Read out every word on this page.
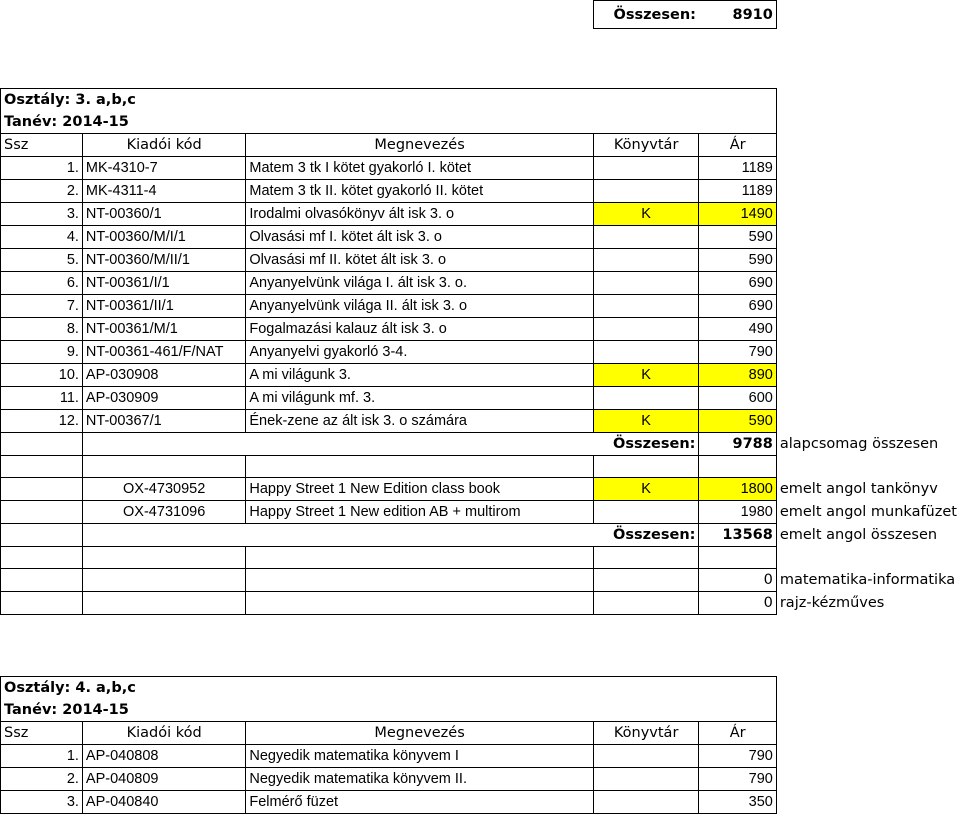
			Összesen:	8910	

Osztály: 3. a,b,c					
Tanév: 2014-15					
Ssz	Kiadói kód	Megnevezés	Könyvtár	Ár	
1.	MK-4310-7	Matem 3 tk I kötet gyakorló I. kötet		1189	
2.	MK-4311-4	Matem 3 tk II. kötet gyakorló II. kötet		1189	
3.	NT-00360/1	Irodalmi olvasókönyv ált isk 3. o	K	1490	
4.	NT-00360/M/I/1	Olvasási mf I. kötet ált isk 3. o		590	
5.	NT-00360/M/II/1	Olvasási mf II. kötet ált isk 3. o		590	
6.	NT-00361/I/1	Anyanyelvünk világa I. ált isk 3. o.		690	
7.	NT-00361/II/1	Anyanyelvünk világa II. ált isk 3. o		690	
8.	NT-00361/M/1	Fogalmazási kalauz ált isk 3. o		490	
9.	NT-00361-461/F/NAT	Anyanyelvi gyakorló 3-4.		790	
10.	AP-030908	A mi világunk 3.	K	890	
11.	AP-030909	A mi világunk mf. 3.		600	
12.	NT-00367/1	Ének-zene az ált isk 3. o számára	K	590	
	Összesen:			9788	alapcsomag összesen

	OX-4730952	Happy Street 1 New Edition class book	K	1800	emelt angol tankönyv
	OX-4731096	Happy Street 1 New edition AB + multirom		1980	emelt angol munkafüzet
	Összesen:			13568	emelt angol összesen

				0	matematika-informatika
				0	rajz-kézműves

Osztály: 4. a,b,c					
Tanév: 2014-15					
Ssz	Kiadói kód	Megnevezés	Könyvtár	Ár	
1.	AP-040808	Negyedik matematika könyvem I		790	
2.	AP-040809	Negyedik matematika könyvem II.		790	
3.	AP-040840	Felmérő füzet		350	
